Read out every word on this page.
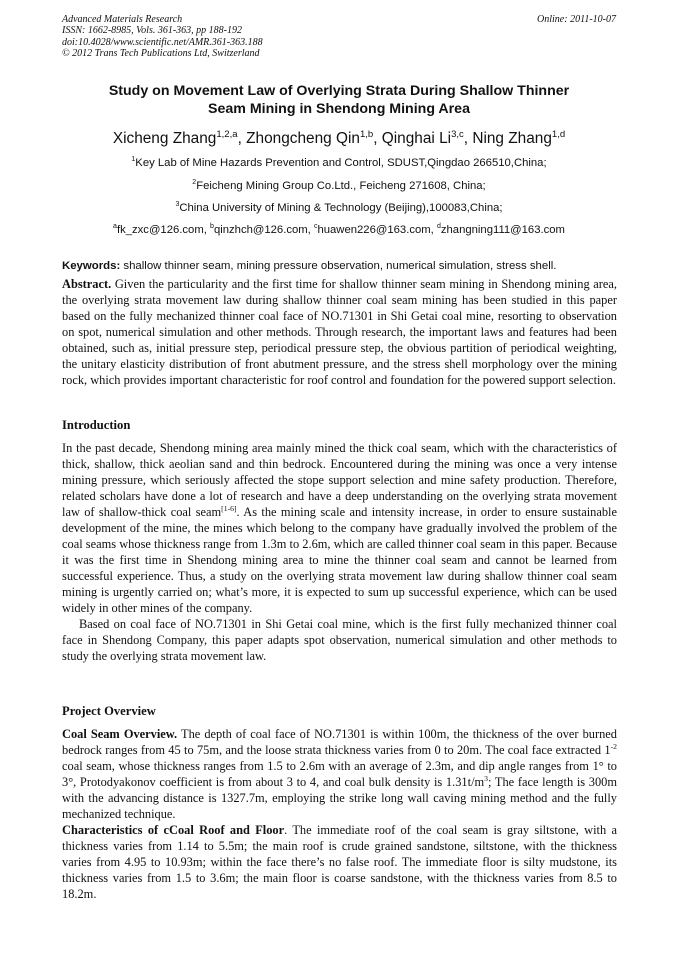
Advanced Materials Research
ISSN: 1662-8985, Vols. 361-363, pp 188-192
doi:10.4028/www.scientific.net/AMR.361-363.188
© 2012 Trans Tech Publications Ltd, Switzerland
Online: 2011-10-07
Study on Movement Law of Overlying Strata During Shallow Thinner
Seam Mining in Shendong Mining Area
Xicheng Zhang$^{1,2,a}$, Zhongcheng Qin$^{1,b}$, Qinghai Li$^{3,c}$, Ning Zhang$^{1,d}$
$^1$Key Lab of Mine Hazards Prevention and Control, SDUST,Qingdao 266510,China;
$^2$Feicheng Mining Group Co.Ltd., Feicheng 271608, China;
$^3$China University of Mining & Technology (Beijing),100083,China;
$^a$fk_zxc@126.com, $^b$qinzhch@126.com, $^c$huawen226@163.com, $^d$zhangning111@163.com
Keywords: shallow thinner seam, mining pressure observation, numerical simulation, stress shell.

Abstract. Given the particularity and the first time for shallow thinner seam mining in Shendong mining area, the overlying strata movement law during shallow thinner coal seam mining has been studied in this paper based on the fully mechanized thinner coal face of NO.71301 in Shi Getai coal mine, resorting to observation on spot, numerical simulation and other methods. Through research, the important laws and features had been obtained, such as, initial pressure step, periodical pressure step, the obvious partition of periodical weighting, the unitary elasticity distribution of front abutment pressure, and the stress shell morphology over the mining rock, which provides important characteristic for roof control and foundation for the powered support selection.

Introduction

In the past decade, Shendong mining area mainly mined the thick coal seam, which with the characteristics of thick, shallow, thick aeolian sand and thin bedrock. Encountered during the mining was once a very intense mining pressure, which seriously affected the stope support selection and mine safety production. Therefore, related scholars have done a lot of research and have a deep understanding on the overlying strata movement law of shallow-thick coal seam[1-6]. As the mining scale and intensity increase, in order to ensure sustainable development of the mine, the mines which belong to the company have gradually involved the problem of the coal seams whose thickness range from 1.3m to 2.6m, which are called thinner coal seam in this paper. Because it was the first time in Shendong mining area to mine the thinner coal seam and cannot be learned from successful experience. Thus, a study on the overlying strata movement law during shallow thinner coal seam mining is urgently carried on; what’s more, it is expected to sum up successful experience, which can be used widely in other mines of the company.

Based on coal face of NO.71301 in Shi Getai coal mine, which is the first fully mechanized thinner coal face in Shendong Company, this paper adapts spot observation, numerical simulation and other methods to study the overlying strata movement law.

Project Overview

Coal Seam Overview. The depth of coal face of NO.71301 is within 100m, the thickness of the over burned bedrock ranges from 45 to 75m, and the loose strata thickness varies from 0 to 20m. The coal face extracted $1^{-2}$ coal seam, whose thickness ranges from 1.5 to 2.6m with an average of 2.3m, and dip angle ranges from 1° to 3°, Protodyakonov coefficient is from about 3 to 4, and coal bulk density is $1.31t/m^3$; The face length is 300m with the advancing distance is 1327.7m, employing the strike long wall caving mining method and the fully mechanized technique.

Characteristics of cCoal Roof and Floor. The immediate roof of the coal seam is gray siltstone, with a thickness varies from 1.14 to 5.5m; the main roof is crude grained sandstone, siltstone, with the thickness varies from 4.95 to 10.93m; within the face there’s no false roof. The immediate floor is silty mudstone, its thickness varies from 1.5 to 3.6m; the main floor is coarse sandstone, with the thickness varies from 8.5 to 18.2m.
